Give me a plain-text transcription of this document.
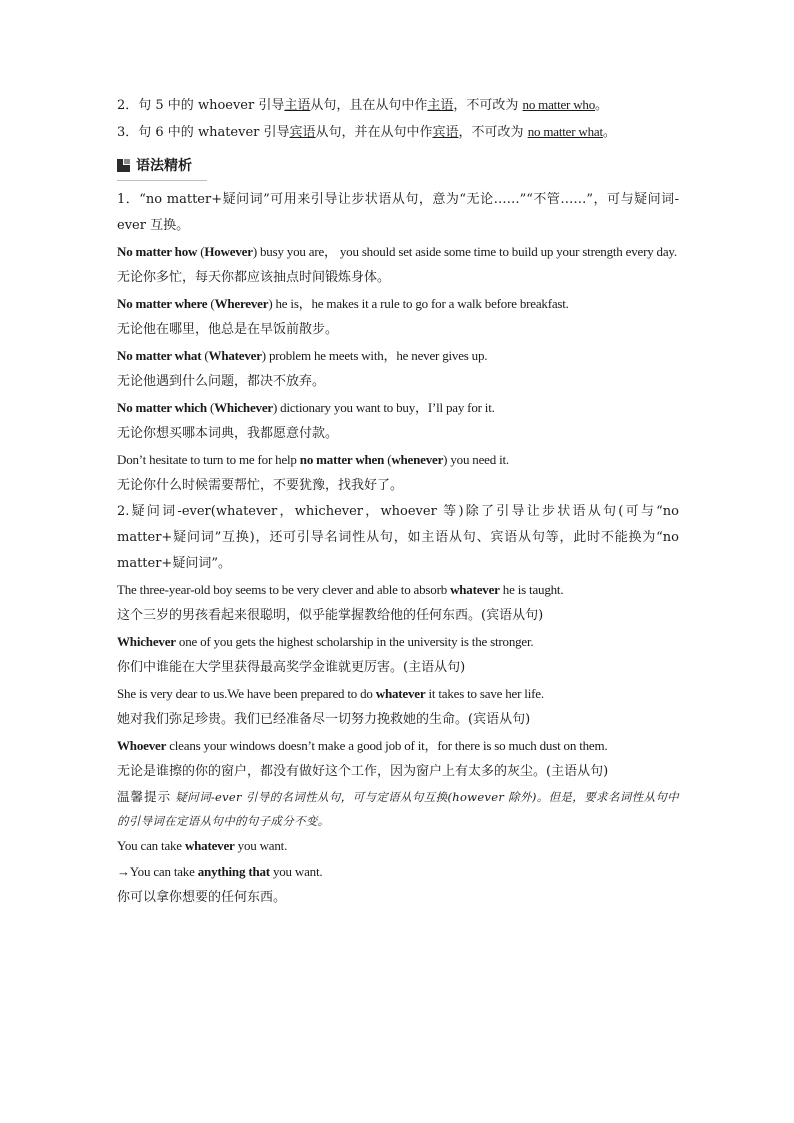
2．句 5 中的 whoever 引导主语从句，且在从句中作主语，不可改为 no matter who。
3．句 6 中的 whatever 引导宾语从句，并在从句中作宾语，不可改为 no matter what。
语法精析
1．“no matter+疑问词”可用来引导让步状语从句，意为“无论……”“不管……”，可与疑问词-ever 互换。
No matter how (However) busy you are， you should set aside some time to build up your strength every day.
无论你多忙，每天你都应该抽点时间锻炼身体。
No matter where (Wherever) he is，he makes it a rule to go for a walk before breakfast.
无论他在哪里，他总是在早饭前散步。
No matter what (Whatever) problem he meets with，he never gives up.
无论他遇到什么问题，都决不放弃。
No matter which (Whichever) dictionary you want to buy，I’ll pay for it.
无论你想买哪本词典，我都愿意付款。
Don’t hesitate to turn to me for help no matter when (whenever) you need it.
无论你什么时候需要帮忙，不要犹豫，找我好了。
2.疑问词-ever(whatever，whichever，whoever 等)除了引导让步状语从句(可与“no matter+疑问词”互换)，还可引导名词性从句，如主语从句、宾语从句等，此时不能换为“no matter+疑问词”。
The three-year-old boy seems to be very clever and able to absorb whatever he is taught.
这个三岁的男孩看起来很聪明，似乎能掌握教给他的任何东西。(宾语从句)
Whichever one of you gets the highest scholarship in the university is the stronger.
你们中谁能在大学里获得最高奖学金谁就更厉害。(主语从句)
She is very dear to us.We have been prepared to do whatever it takes to save her life.
她对我们弥足珍贵。我们已经准备尽一切努力挽救她的生命。(宾语从句)
Whoever cleans your windows doesn’t make a good job of it，for there is so much dust on them.
无论是谁擦的你的窗户，都没有做好这个工作，因为窗户上有太多的灰尘。(主语从句)
温馨提示 疑问词-ever 引导的名词性从句，可与定语从句互换(however 除外)。但是，要求名词性从句中的引导词在定语从句中的句子成分不变。
You can take whatever you want.
→You can take anything that you want.
你可以拿你想要的任何东西。
